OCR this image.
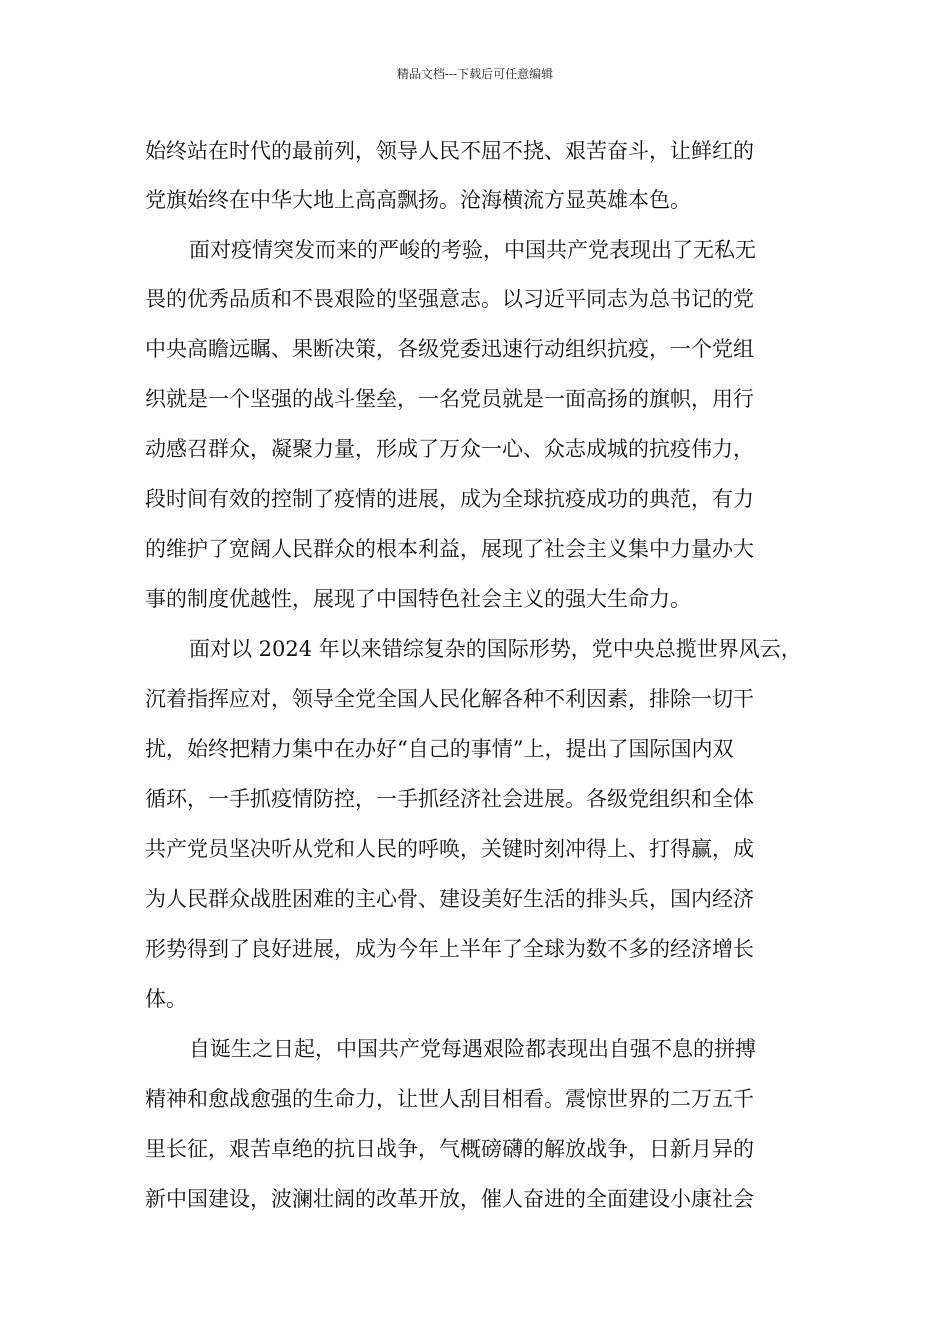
精品文档---下载后可任意编辑
始终站在时代的最前列，领导人民不屈不挠、艰苦奋斗，让鲜红的
党旗始终在中华大地上高高飘扬。沧海横流方显英雄本色。
面对疫情突发而来的严峻的考验，中国共产党表现出了无私无
畏的优秀品质和不畏艰险的坚强意志。以习近平同志为总书记的党
中央高瞻远瞩、果断决策，各级党委迅速行动组织抗疫，一个党组
织就是一个坚强的战斗堡垒，一名党员就是一面高扬的旗帜，用行
动感召群众，凝聚力量，形成了万众一心、众志成城的抗疫伟力，
段时间有效的控制了疫情的进展，成为全球抗疫成功的典范，有力
的维护了宽阔人民群众的根本利益，展现了社会主义集中力量办大
事的制度优越性，展现了中国特色社会主义的强大生命力。
面对以 2024 年以来错综复杂的国际形势，党中央总揽世界风云，
沉着指挥应对，领导全党全国人民化解各种不利因素，排除一切干
扰，始终把精力集中在办好“自己的事情”上，提出了国际国内双
循环，一手抓疫情防控，一手抓经济社会进展。各级党组织和全体
共产党员坚决听从党和人民的呼唤，关键时刻冲得上、打得赢，成
为人民群众战胜困难的主心骨、建设美好生活的排头兵，国内经济
形势得到了良好进展，成为今年上半年了全球为数不多的经济增长
体。
自诞生之日起，中国共产党每遇艰险都表现出自强不息的拼搏
精神和愈战愈强的生命力，让世人刮目相看。震惊世界的二万五千
里长征，艰苦卓绝的抗日战争，气概磅礴的解放战争，日新月异的
新中国建设，波澜壮阔的改革开放，催人奋进的全面建设小康社会
